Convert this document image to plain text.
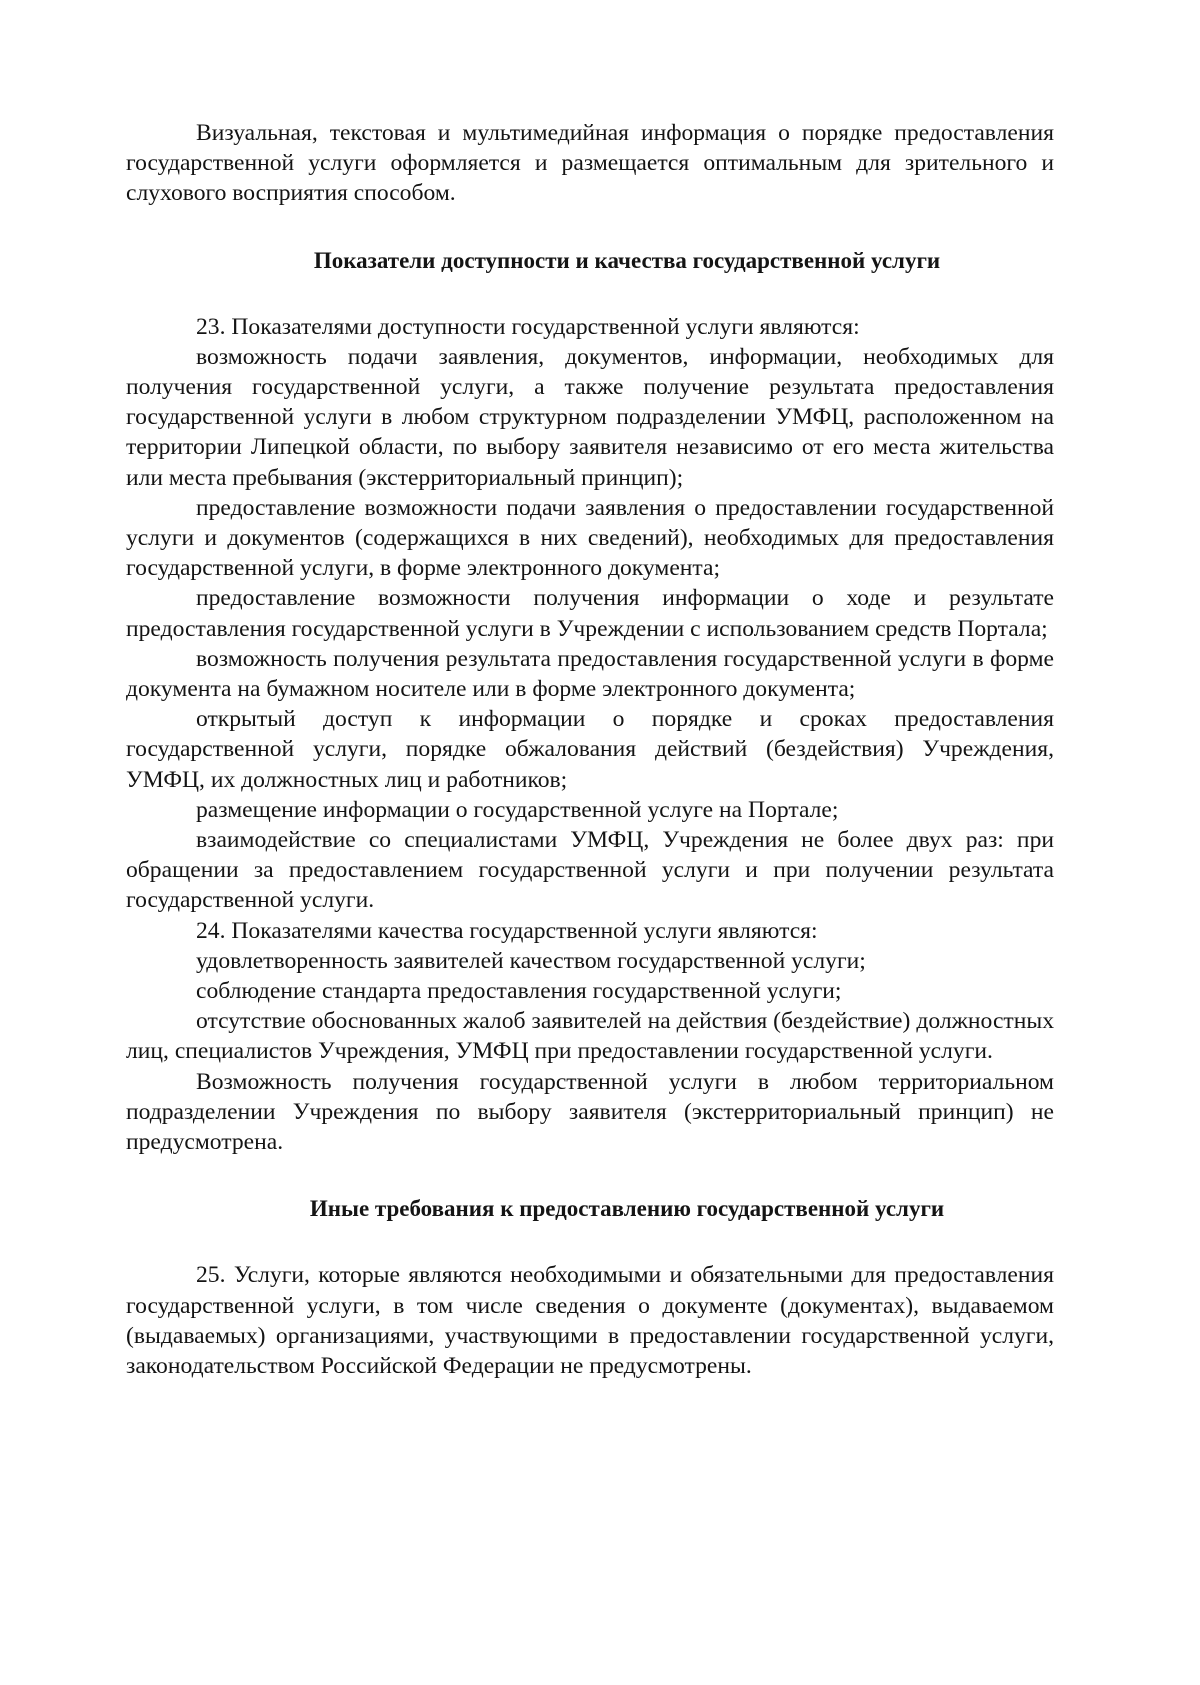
Визуальная, текстовая и мультимедийная информация о порядке предоставления государственной услуги оформляется и размещается оптимальным для зрительного и слухового восприятия способом.

Показатели доступности и качества государственной услуги

23. Показателями доступности государственной услуги являются:

возможность подачи заявления, документов, информации, необходимых для получения государственной услуги, а также получение результата предоставления государственной услуги в любом структурном подразделении УМФЦ, расположенном на территории Липецкой области, по выбору заявителя независимо от его места жительства или места пребывания (экстерриториальный принцип);

предоставление возможности подачи заявления о предоставлении государственной услуги и документов (содержащихся в них сведений), необходимых для предоставления государственной услуги, в форме электронного документа;

предоставление возможности получения информации о ходе и результате предоставления государственной услуги в Учреждении с использованием средств Портала;

возможность получения результата предоставления государственной услуги в форме документа на бумажном носителе или в форме электронного документа;

открытый доступ к информации о порядке и сроках предоставления государственной услуги, порядке обжалования действий (бездействия) Учреждения, УМФЦ, их должностных лиц и работников;

размещение информации о государственной услуге на Портале;

взаимодействие со специалистами УМФЦ, Учреждения не более двух раз: при обращении за предоставлением государственной услуги и при получении результата государственной услуги.

24. Показателями качества государственной услуги являются:

удовлетворенность заявителей качеством государственной услуги;

соблюдение стандарта предоставления государственной услуги;

отсутствие обоснованных жалоб заявителей на действия (бездействие) должностных лиц, специалистов Учреждения, УМФЦ при предоставлении государственной услуги.

Возможность получения государственной услуги в любом территориальном подразделении Учреждения по выбору заявителя (экстерриториальный принцип) не предусмотрена.

Иные требования к предоставлению государственной услуги

25. Услуги, которые являются необходимыми и обязательными для предоставления государственной услуги, в том числе сведения о документе (документах), выдаваемом (выдаваемых) организациями, участвующими в предоставлении государственной услуги, законодательством Российской Федерации не предусмотрены.
